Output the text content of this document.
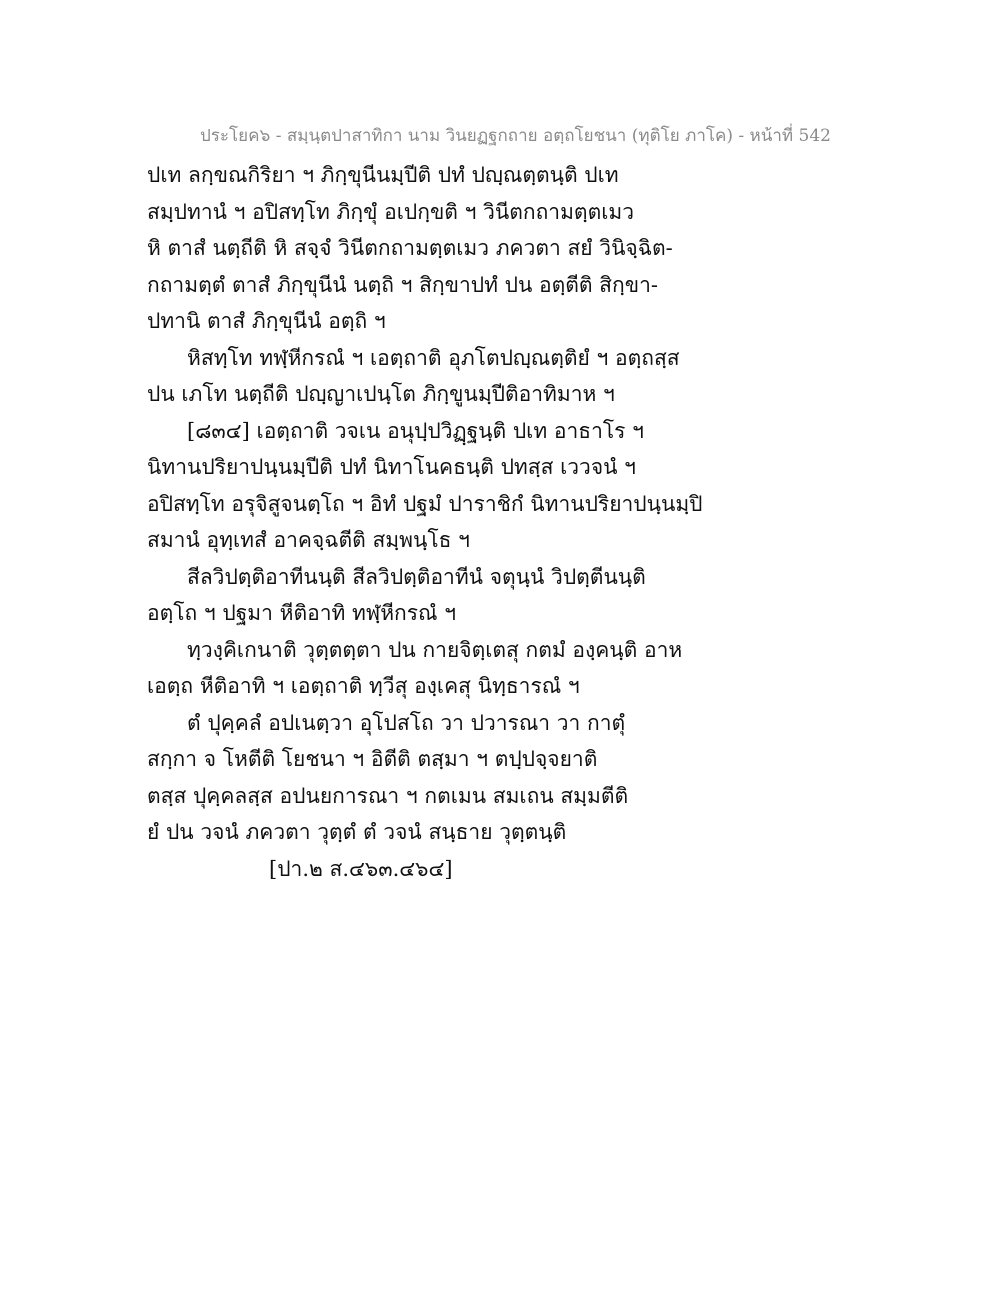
ประโยค๖ - สมฺนฺตปาสาทิกา นาม วินยฏฐกถาย อตฺถโยชนา (ทุติโย ภาโค) - หน้าที่ 542
ปเท ลกฺขณกิริยา ฯ ภิกฺขุนีนมฺปีติ ปทํ ปญฺณตฺตนฺติ ปเท
สมฺปทานํ ฯ อปิสทฺโท ภิกฺขุํ อเปกฺขติ ฯ วินีตกถามตฺตเมว
หิ ตาสํ นตฺถีติ หิ สจฺจํ วินีตกถามตฺตเมว ภควตา สยํ วินิจฺฉิต-
กถามตฺตํ ตาสํ ภิกฺขุนีนํ นตฺถิ ฯ สิกฺขาปทํ ปน อตฺตีติ สิกฺขา-
ปทานิ ตาสํ ภิกฺขุนีนํ อตฺถิ ฯ
หิสทฺโท ทฬฺหีกรณํ ฯ เอตฺถาติ อุภโตปญฺณตฺติยํ ฯ อตฺถสฺส
ปน เภโท นตฺถีติ ปญฺญาเปนฺโต ภิกฺขูนมฺปีติอาทิมาห ฯ
[๘๓๔] เอตฺถาติ วจเน อนุปฺปวิฏฺฐนฺติ ปเท อาธาโร ฯ
นิทานปริยาปนฺนมฺปีติ ปทํ นิทาโนคธนฺติ ปทสฺส เววจนํ ฯ
อปิสทฺโท อรุจิสูจนตฺโถ ฯ อิทํ ปฐมํ ปาราชิกํ นิทานปริยาปนฺนมฺปิ
สมานํ อุทฺเทสํ อาคจฺฉตีติ สมฺพนฺโธ ฯ
สีลวิปตฺติอาทีนนฺติ สีลวิปตฺติอาทีนํ จตุนฺนํ วิปตฺตีนนฺติ
อตฺโถ ฯ ปฐมา หีติอาทิ ทฬฺหีกรณํ ฯ
ทฺวงฺคิเกนาติ วุตฺตตฺตา ปน กายจิตฺเตสุ กตมํ องฺคนฺติ อาห
เอตฺถ หีติอาทิ ฯ เอตฺถาติ ทฺวีสุ องฺเคสุ นิทฺธารณํ ฯ
ตํ ปุคฺคลํ อปเนตฺวา อุโปสโถ วา ปวารณา วา กาตุํ
สกฺกา จ โหตีติ โยชนา ฯ อิตีติ ตสฺมา ฯ ตปฺปจฺจยาติ
ตสฺส ปุคฺคลสฺส อปนยการณา ฯ กตเมน สมเถน สมฺมตีติ
ยํ ปน วจนํ ภควตา วุตฺตํ ตํ วจนํ สนฺธาย วุตฺตนฺติ
[ปา.๒ ส.๔๖๓.๔๖๔]
